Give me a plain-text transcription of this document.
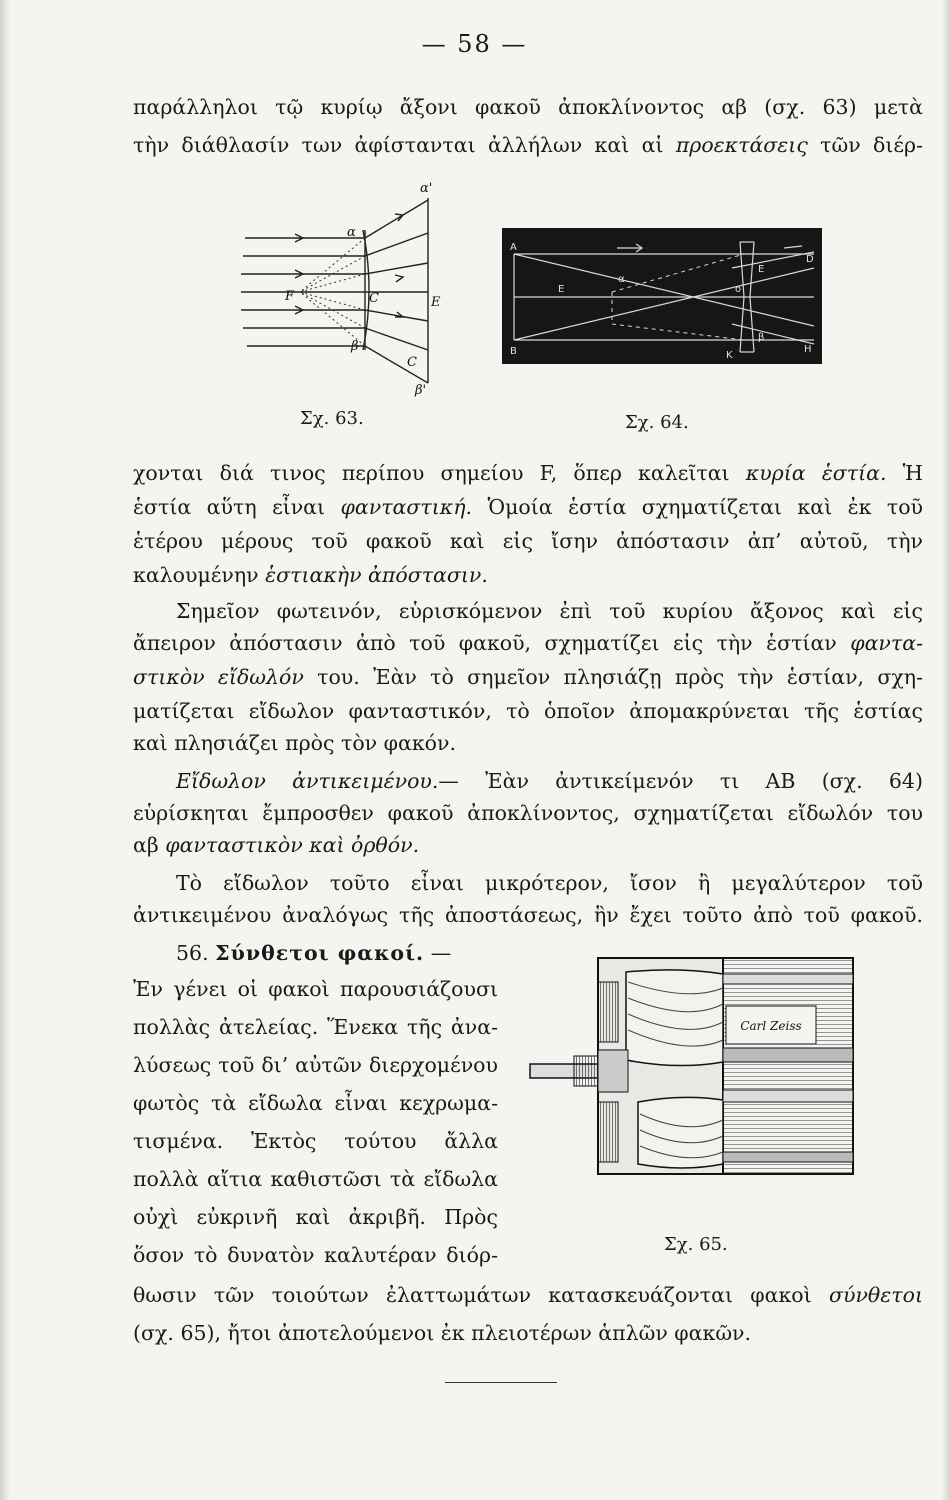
— 58 —
παράλληλοι τῷ κυρίῳ ἄξονι φακοῦ ἀποκλίνοντος αβ (σχ. 63) μετὰ
τὴν διάθλασίν των ἀφίστανται ἀλλήλων καὶ αἱ προεκτάσεις τῶν διέρ-
α'
α
F	C	E
β
C
β'
Σχ. 63.
A
B
E	o
K
H
E
D
α
β
Σχ. 64.
χονται διά τινος περίπου σημείου F, ὅπερ καλεῖται κυρία ἑστία. Ἡ
ἑστία αὕτη εἶναι φανταστική. Ὁμοία ἑστία σχηματίζεται καὶ ἐκ τοῦ
ἑτέρου μέρους τοῦ φακοῦ καὶ εἰς ἴσην ἀπόστασιν ἀπ’ αὐτοῦ, τὴν
καλουμένην ἑστιακὴν ἀπόστασιν.
Σημεῖον φωτεινόν, εὑρισκόμενον ἐπὶ τοῦ κυρίου ἄξονος καὶ εἰς
ἄπειρον ἀπόστασιν ἀπὸ τοῦ φακοῦ, σχηματίζει εἰς τὴν ἑστίαν φαντα-
στικὸν εἴδωλόν του. Ἐὰν τὸ σημεῖον πλησιάζῃ πρὸς τὴν ἑστίαν, σχη-
ματίζεται εἴδωλον φανταστικόν, τὸ ὁποῖον ἀπομακρύνεται τῆς ἑστίας
καὶ πλησιάζει πρὸς τὸν φακόν.
Εἴδωλον ἀντικειμένου.— Ἐὰν ἀντικείμενόν τι AB (σχ. 64)
εὑρίσκηται ἔμπροσθεν φακοῦ ἀποκλίνοντος, σχηματίζεται εἴδωλόν του
αβ φανταστικὸν καὶ ὀρθόν.
Τὸ εἴδωλον τοῦτο εἶναι μικρότερον, ἴσον ἢ μεγαλύτερον τοῦ
ἀντικειμένου ἀναλόγως τῆς ἀποστάσεως, ἣν ἔχει τοῦτο ἀπὸ τοῦ φακοῦ.
56. Σύνθετοι φακοί. —
Ἐν γένει οἱ φακοὶ παρουσιάζουσι
πολλὰς ἀτελείας. Ἕνεκα τῆς ἀνα-
λύσεως τοῦ δι’ αὐτῶν διερχομένου
φωτὸς τὰ εἴδωλα εἶναι κεχρωμα-
τισμένα. Ἐκτὸς τούτου ἄλλα
πολλὰ αἴτια καθιστῶσι τὰ εἴδωλα
οὐχὶ εὐκρινῆ καὶ ἀκριβῆ. Πρὸς
ὅσον τὸ δυνατὸν καλυτέραν διόρ-
Carl Zeiss
Σχ. 65.
θωσιν τῶν τοιούτων ἐλαττωμάτων κατασκευάζονται φακοὶ σύνθετοι
(σχ. 65), ἤτοι ἀποτελούμενοι ἐκ πλειοτέρων ἁπλῶν φακῶν.
